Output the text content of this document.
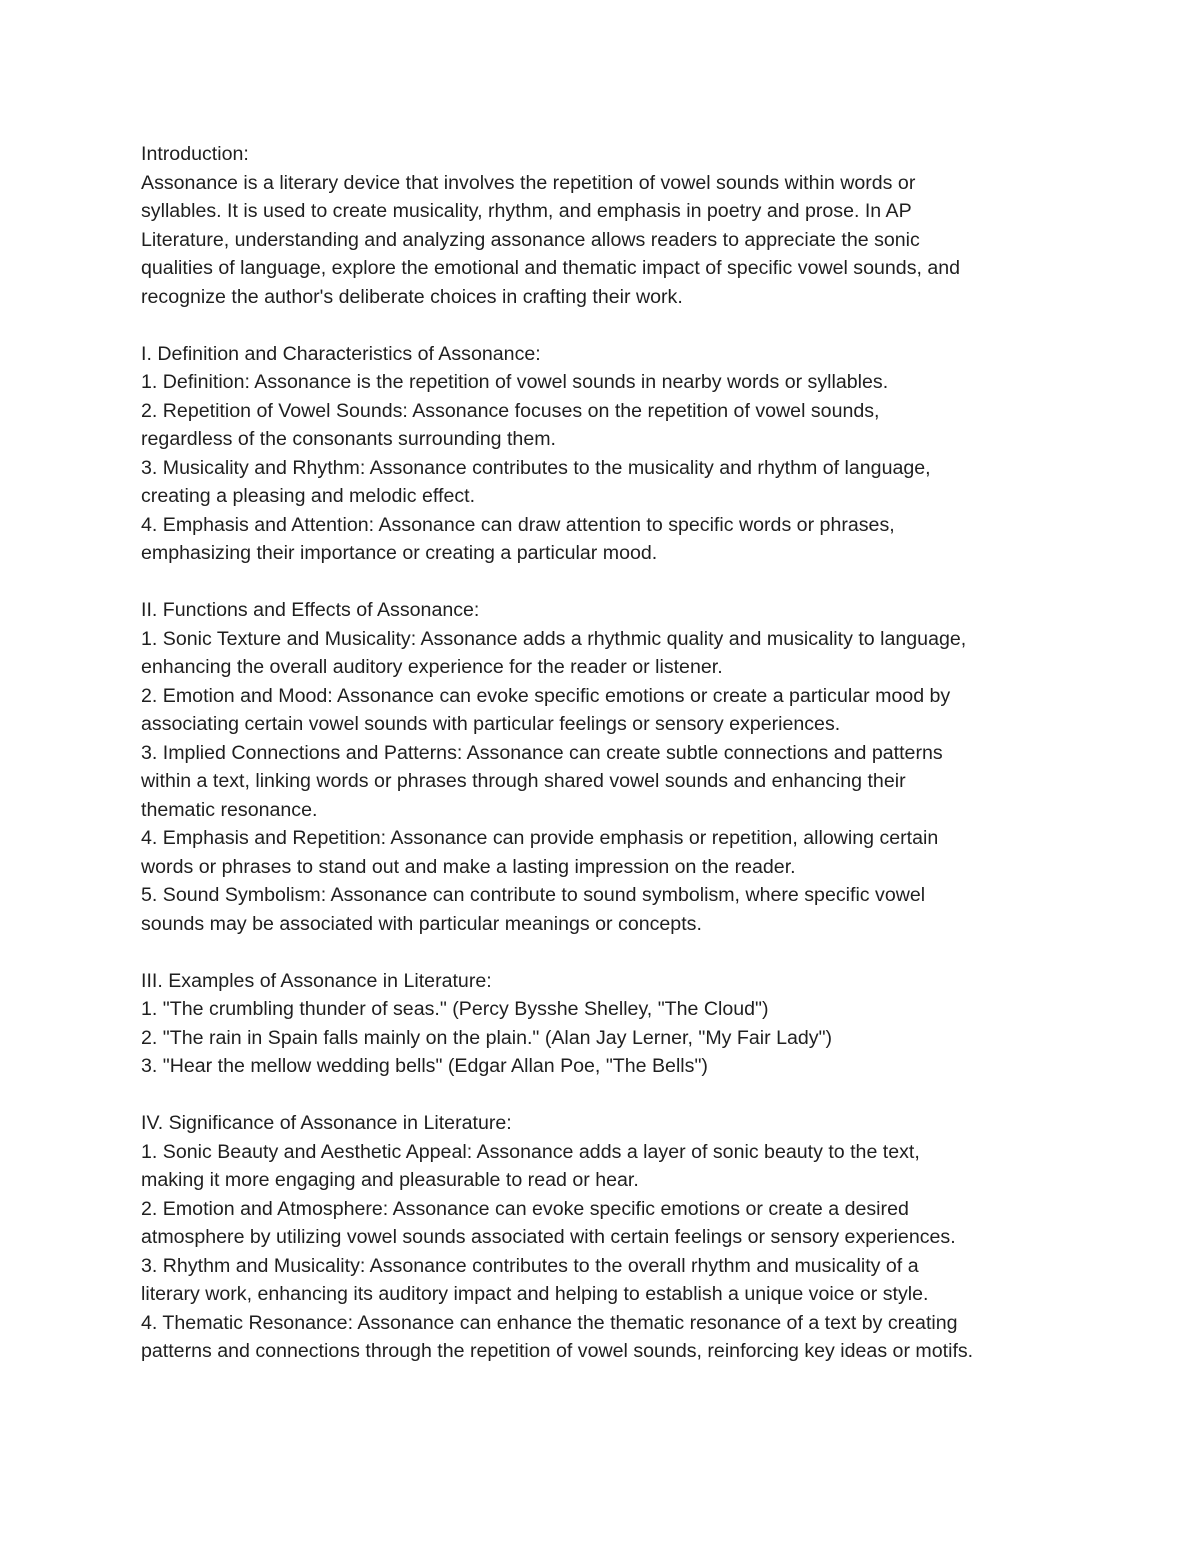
Introduction:
Assonance is a literary device that involves the repetition of vowel sounds within words or
syllables. It is used to create musicality, rhythm, and emphasis in poetry and prose. In AP
Literature, understanding and analyzing assonance allows readers to appreciate the sonic
qualities of language, explore the emotional and thematic impact of specific vowel sounds, and
recognize the author's deliberate choices in crafting their work.
I. Definition and Characteristics of Assonance:
1. Definition: Assonance is the repetition of vowel sounds in nearby words or syllables.
2. Repetition of Vowel Sounds: Assonance focuses on the repetition of vowel sounds,
regardless of the consonants surrounding them.
3. Musicality and Rhythm: Assonance contributes to the musicality and rhythm of language,
creating a pleasing and melodic effect.
4. Emphasis and Attention: Assonance can draw attention to specific words or phrases,
emphasizing their importance or creating a particular mood.
II. Functions and Effects of Assonance:
1. Sonic Texture and Musicality: Assonance adds a rhythmic quality and musicality to language,
enhancing the overall auditory experience for the reader or listener.
2. Emotion and Mood: Assonance can evoke specific emotions or create a particular mood by
associating certain vowel sounds with particular feelings or sensory experiences.
3. Implied Connections and Patterns: Assonance can create subtle connections and patterns
within a text, linking words or phrases through shared vowel sounds and enhancing their
thematic resonance.
4. Emphasis and Repetition: Assonance can provide emphasis or repetition, allowing certain
words or phrases to stand out and make a lasting impression on the reader.
5. Sound Symbolism: Assonance can contribute to sound symbolism, where specific vowel
sounds may be associated with particular meanings or concepts.
III. Examples of Assonance in Literature:
1. "The crumbling thunder of seas." (Percy Bysshe Shelley, "The Cloud")
2. "The rain in Spain falls mainly on the plain." (Alan Jay Lerner, "My Fair Lady")
3. "Hear the mellow wedding bells" (Edgar Allan Poe, "The Bells")
IV. Significance of Assonance in Literature:
1. Sonic Beauty and Aesthetic Appeal: Assonance adds a layer of sonic beauty to the text,
making it more engaging and pleasurable to read or hear.
2. Emotion and Atmosphere: Assonance can evoke specific emotions or create a desired
atmosphere by utilizing vowel sounds associated with certain feelings or sensory experiences.
3. Rhythm and Musicality: Assonance contributes to the overall rhythm and musicality of a
literary work, enhancing its auditory impact and helping to establish a unique voice or style.
4. Thematic Resonance: Assonance can enhance the thematic resonance of a text by creating
patterns and connections through the repetition of vowel sounds, reinforcing key ideas or motifs.
